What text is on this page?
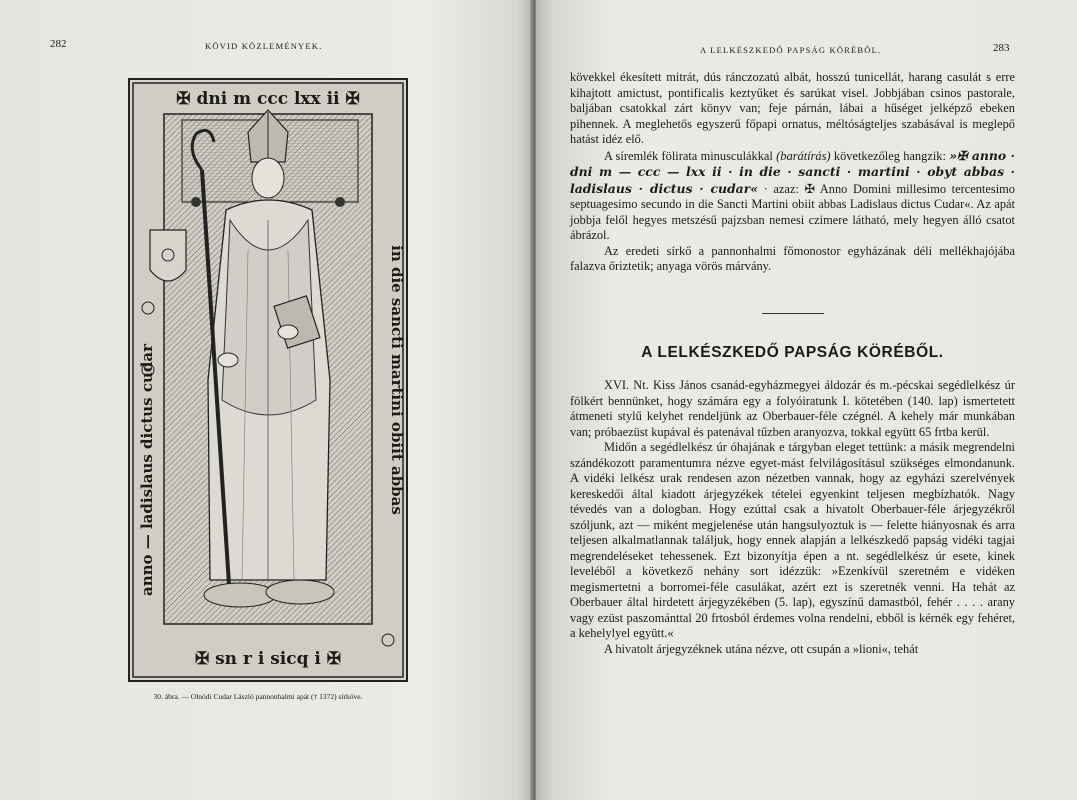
282	KÖVID KÖZLEMÉNYEK.
✠ dni m ccc lxx ii ✠
✠ sn r i sicq i ✠
in die sancti martini obiit abbas
anno — ladislaus dictus cudar
30. ábra. — Olnódi Cudar László pannonhalmi apát († 1372) sírköve.
A LELKÉSZKEDŐ PAPSÁG KÖRÉBŐL.	283

kövekkel ékesített mitrát, dús ránczozatú albát, hosszú tunicellát, harang casulát s erre kihajtott amictust, pontificalis keztyűket és sarúkat visel. Jobbjában csinos pastorale, baljában csatokkal zárt könyv van; feje párnán, lábai a hűséget jelképző ebeken pihennek. A meglehetős egyszerű főpapi ornatus, méltóságteljes szabásával is meglepő hatást idéz elő.

A síremlék fölirata minusculákkal (barátírás) következőleg hangzik: »✠ anno · dni m — ccc — lxx ii · in die · sancti · martini · obyt abbas · ladislaus · dictus · cudar« · azaz: ✠ Anno Domini millesimo tercentesimo septuagesimo secundo in die Sancti Martini obiit abbas Ladislaus dictus Cudar«. Az apát jobbja felől hegyes metszésű pajzsban nemesi czimere látható, mely hegyen álló csatot ábrázol.

Az eredeti sírkő a pannonhalmi főmonostor egyházának déli mellékhajójába falazva őriztetik; anyaga vörös márvány.

A LELKÉSZKEDŐ PAPSÁG KÖRÉBŐL.

XVI. Nt. Kiss János csanád-egyházmegyei áldozár és m.-pécskai segédlelkész úr fölkért bennünket, hogy számára egy a folyóiratunk I. kötetében (140. lap) ismertetett átmeneti stylű kelyhet rendeljünk az Oberbauer-féle czégnél. A kehely már munkában van; próbaezüst kupával és patenával tűzben aranyozva, tokkal együtt 65 frtba kerül.

Midőn a segédlelkész úr óhajának e tárgyban eleget tettünk: a másik megrendelni szándékozott paramentumra nézve egyet-mást felvilágosításul szükséges elmondanunk. A vidéki lelkész urak rendesen azon nézetben vannak, hogy az egyházi szerelvények kereskedői által kiadott árjegyzékek tételei egyenkint teljesen megbízhatók. Nagy tévedés van a dologban. Hogy ezúttal csak a hivatolt Oberbauer-féle árjegyzékről szóljunk, azt — miként megjelenése után hangsulyoztuk is — felette hiányosnak és arra teljesen alkalmatlannak találjuk, hogy ennek alapján a lelkészkedő papság vidéki tagjai megrendeléseket tehessenek. Ezt bizonyítja épen a nt. segédlelkész úr esete, kinek leveléből a következő nehány sort idézzük: »Ezenkívül szeretném e vidéken megismertetni a borromei-féle casulákat, azért ezt is szeretnék venni. Ha tehát az Oberbauer által hirdetett árjegyzékében (5. lap), egyszínű damastból, fehér . . . . arany vagy ezüst paszománttal 20 frtosból érdemes volna rendelni, ebből is kérnék egy fehéret, a kehelylyel együtt.«

A hivatolt árjegyzéknek utána nézve, ott csupán a »lioni«, tehát
